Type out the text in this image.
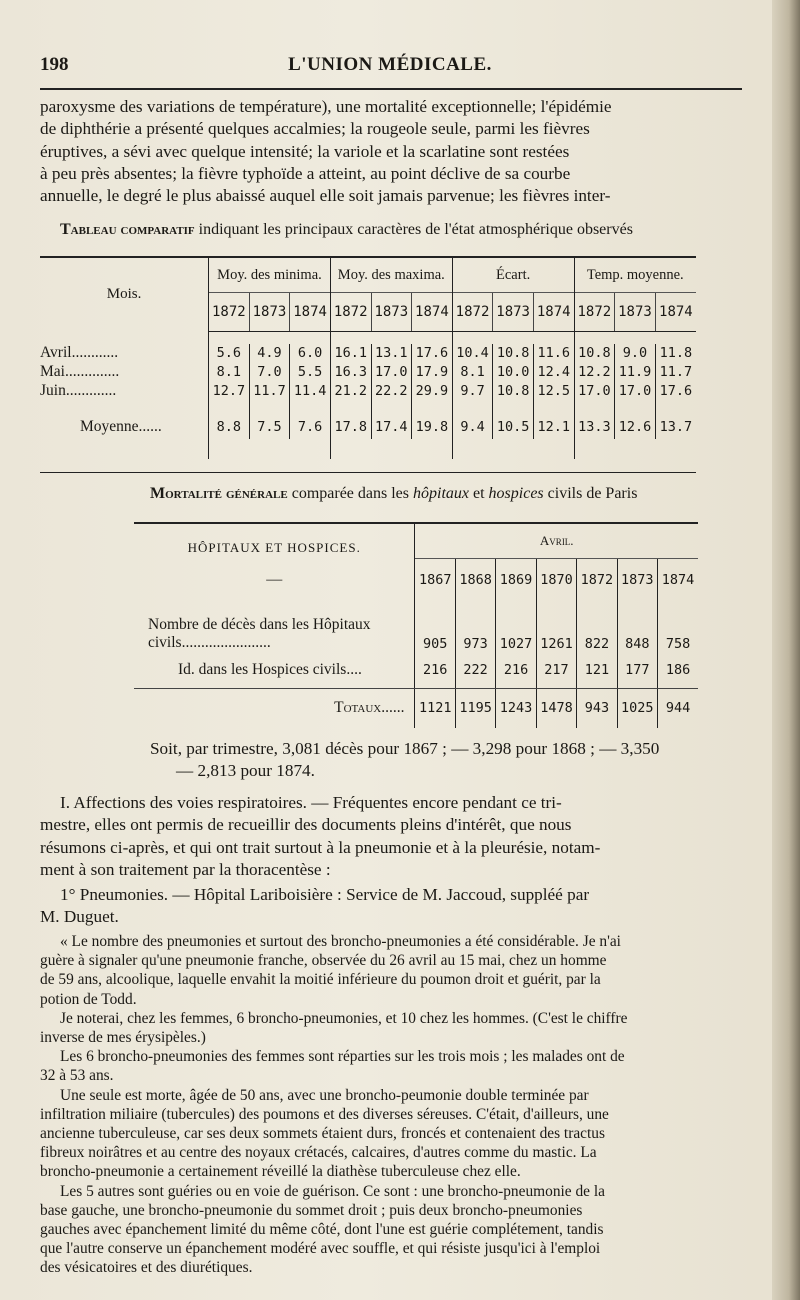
198	L'UNION MÉDICALE.

paroxysme des variations de température), une mortalité exceptionnelle; l'épidémie

de diphthérie a présenté quelques accalmies; la rougeole seule, parmi les fièvres

éruptives, a sévi avec quelque intensité; la variole et la scarlatine sont restées

à peu près absentes; la fièvre typhoïde a atteint, au point déclive de sa courbe

annuelle, le degré le plus abaissé auquel elle soit jamais parvenue; les fièvres inter-

Tableau comparatif indiquant les principaux caractères de l'état atmosphérique observés
Mois.	Moy. des minima.			Moy. des maxima.			Écart.			Temp. moyenne.		
	1872	1873	1874	1872	1873	1874	1872	1873	1874	1872	1873	1874

Avril............	5.6	4.9	6.0	16.1	13.1	17.6	10.4	10.8	11.6	10.8	9.0	11.8
Mai..............	8.1	7.0	5.5	16.3	17.0	17.9	8.1	10.0	12.4	12.2	11.9	11.7
Juin.............	12.7	11.7	11.4	21.2	22.2	29.9	9.7	10.8	12.5	17.0	17.0	17.6

Moyenne......	8.8	7.5	7.6	17.8	17.4	19.8	9.4	10.5	12.1	13.3	12.6	13.7

Mortalité générale comparée dans les hôpitaux et hospices civils de Paris
HÔPITAUX ET HOSPICES.	Avril.						
—	1867	1868	1869	1870	1872	1873	1874
Nombre de décès dans les Hôpitaux civils.......................	905	973	1027	1261	822	848	758
Id. dans les Hospices civils....	216	222	216	217	121	177	186
Totaux......	1121	1195	1243	1478	943	1025	944

Soit, par trimestre, 3,081 décès pour 1867 ; — 3,298 pour 1868 ; — 3,350

— 2,813 pour 1874.

I. Affections des voies respiratoires. — Fréquentes encore pendant ce tri-

mestre, elles ont permis de recueillir des documents pleins d'intérêt, que nous

résumons ci-après, et qui ont trait surtout à la pneumonie et à la pleurésie, notam-

ment à son traitement par la thoracentèse :

1° Pneumonies. — Hôpital Lariboisière : Service de M. Jaccoud, suppléé par

M. Duguet.

« Le nombre des pneumonies et surtout des broncho-pneumonies a été considérable. Je n'ai

guère à signaler qu'une pneumonie franche, observée du 26 avril au 15 mai, chez un homme

de 59 ans, alcoolique, laquelle envahit la moitié inférieure du poumon droit et guérit, par la

potion de Todd.

Je noterai, chez les femmes, 6 broncho-pneumonies, et 10 chez les hommes. (C'est le chiffre

inverse de mes érysipèles.)

Les 6 broncho-pneumonies des femmes sont réparties sur les trois mois ; les malades ont de

32 à 53 ans.

Une seule est morte, âgée de 50 ans, avec une broncho-peumonie double terminée par

infiltration miliaire (tubercules) des poumons et des diverses séreuses. C'était, d'ailleurs, une

ancienne tuberculeuse, car ses deux sommets étaient durs, froncés et contenaient des tractus

fibreux noirâtres et au centre des noyaux crétacés, calcaires, d'autres comme du mastic. La

broncho-pneumonie a certainement réveillé la diathèse tuberculeuse chez elle.

Les 5 autres sont guéries ou en voie de guérison. Ce sont : une broncho-pneumonie de la

base gauche, une broncho-pneumonie du sommet droit ; puis deux broncho-pneumonies

gauches avec épanchement limité du même côté, dont l'une est guérie complétement, tandis

que l'autre conserve un épanchement modéré avec souffle, et qui résiste jusqu'ici à l'emploi

des vésicatoires et des diurétiques.
